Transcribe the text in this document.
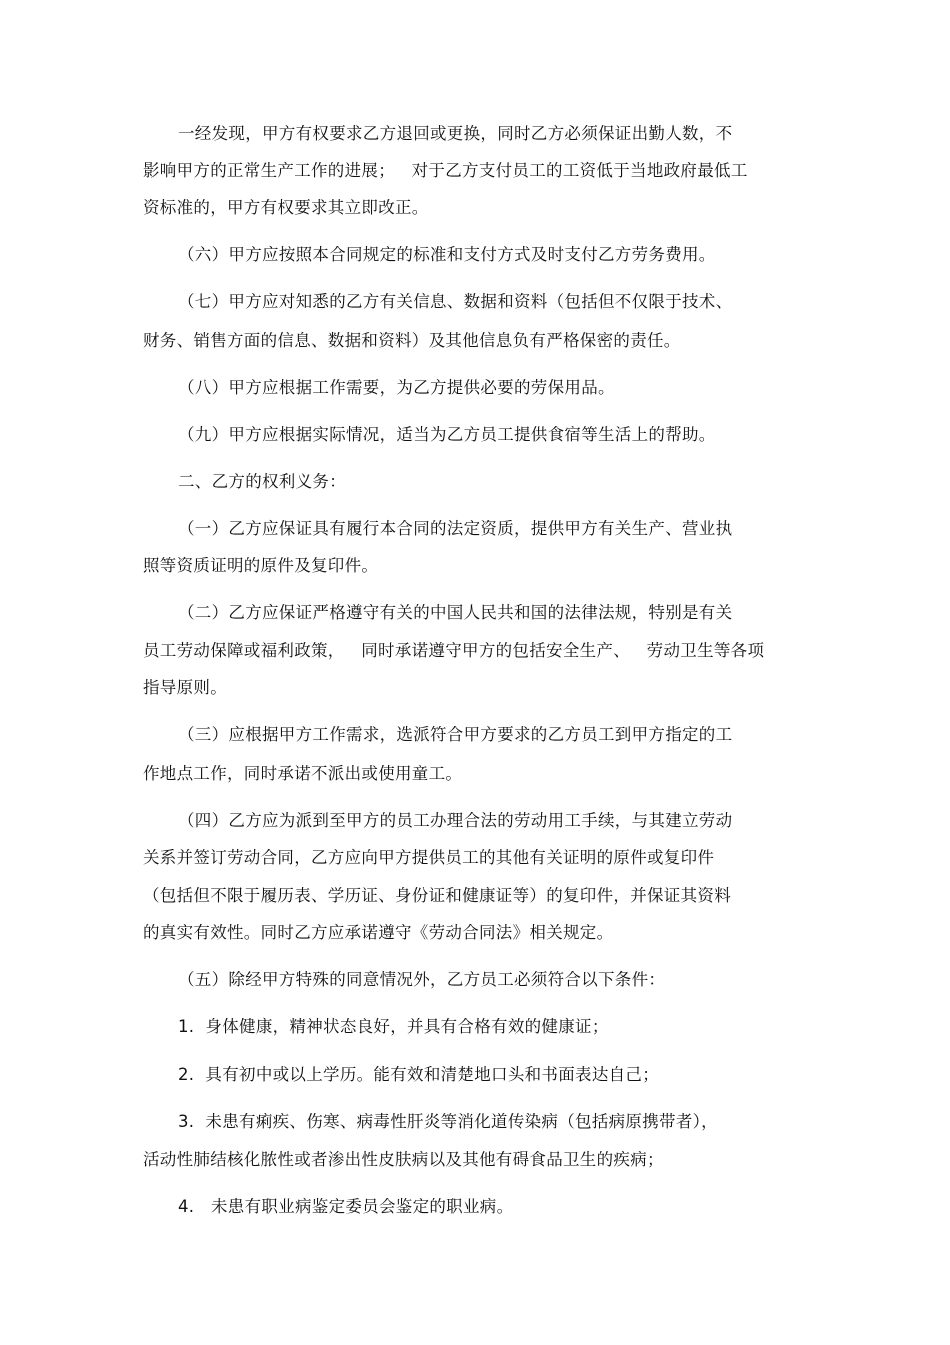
一经发现，甲方有权要求乙方退回或更换，同时乙方必须保证出勤人数，不
影响甲方的正常生产工作的进展；   对于乙方支付员工的工资低于当地政府最低工
资标准的，甲方有权要求其立即改正。
（六）甲方应按照本合同规定的标准和支付方式及时支付乙方劳务费用。
（七）甲方应对知悉的乙方有关信息、数据和资料（包括但不仅限于技术、
财务、销售方面的信息、数据和资料）及其他信息负有严格保密的责任。
（八）甲方应根据工作需要，为乙方提供必要的劳保用品。
（九）甲方应根据实际情况，适当为乙方员工提供食宿等生活上的帮助。
二、乙方的权利义务：
（一）乙方应保证具有履行本合同的法定资质，提供甲方有关生产、营业执
照等资质证明的原件及复印件。
（二）乙方应保证严格遵守有关的中国人民共和国的法律法规，特别是有关
员工劳动保障或福利政策，   同时承诺遵守甲方的包括安全生产、   劳动卫生等各项
指导原则。
（三）应根据甲方工作需求，选派符合甲方要求的乙方员工到甲方指定的工
作地点工作，同时承诺不派出或使用童工。
（四）乙方应为派到至甲方的员工办理合法的劳动用工手续，与其建立劳动
关系并签订劳动合同，乙方应向甲方提供员工的其他有关证明的原件或复印件
（包括但不限于履历表、学历证、身份证和健康证等）的复印件，并保证其资料
的真实有效性。同时乙方应承诺遵守《劳动合同法》相关规定。
（五）除经甲方特殊的同意情况外，乙方员工必须符合以下条件：
1.  身体健康，精神状态良好，并具有合格有效的健康证；
2.  具有初中或以上学历。能有效和清楚地口头和书面表达自己；
3.  未患有痢疾、伤寒、病毒性肝炎等消化道传染病（包括病原携带者），
活动性肺结核化脓性或者渗出性皮肤病以及其他有碍食品卫生的疾病；
4.   未患有职业病鉴定委员会鉴定的职业病。
